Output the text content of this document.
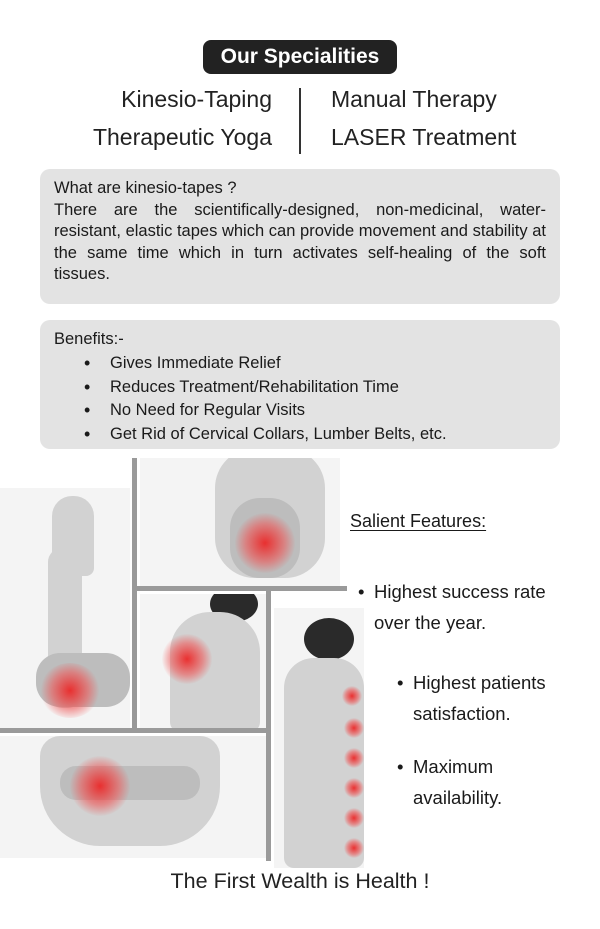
Our Specialities
Kinesio-Taping
Therapeutic Yoga
Manual Therapy
LASER Treatment
What are kinesio-tapes ?
There are the scientifically-designed, non-medicinal, water-resistant, elastic tapes which can provide movement and stability at the same time which in turn activates self-healing of the soft tissues.
Benefits:-
• Gives Immediate Relief
• Reduces Treatment/Rehabilitation Time
• No Need for Regular Visits
• Get Rid of Cervical Collars, Lumber Belts, etc.
Salient Features:
• Highest success rate
over the year.
• Highest patients
satisfaction.
• Maximum
availability.
The First Wealth is Health !
